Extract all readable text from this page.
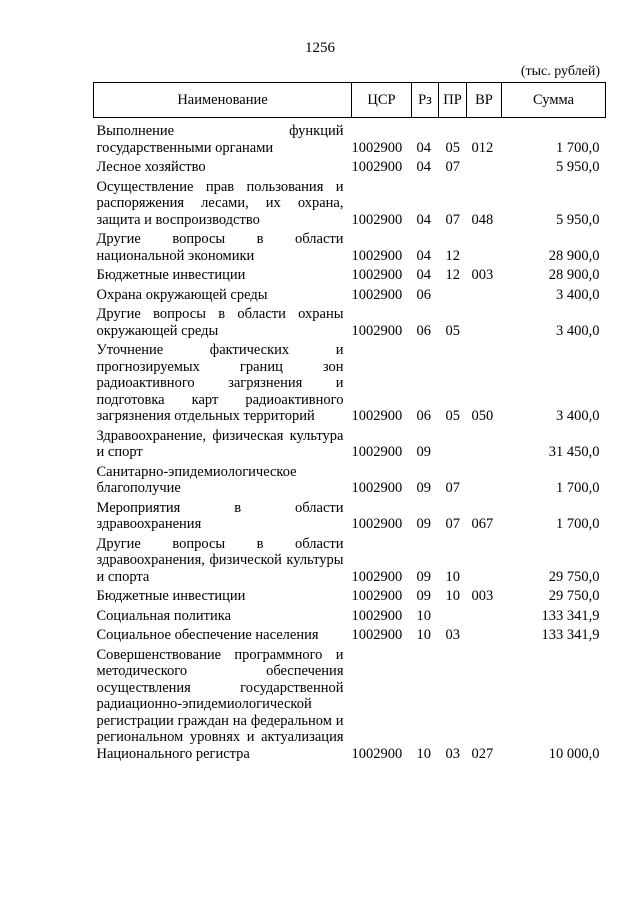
1256
(тыс. рублей)
Наименование	ЦСР	Рз	ПР	ВР	Сумма
Выполнение функций государственными органами	1002900	04	05	012	1 700,0
Лесное хозяйство	1002900	04	07		5 950,0
Осуществление прав пользования и распоряжения лесами, их охрана, защита и воспроизводство	1002900	04	07	048	5 950,0
Другие вопросы в области национальной экономики	1002900	04	12		28 900,0
Бюджетные инвестиции	1002900	04	12	003	28 900,0
Охрана окружающей среды	1002900	06			3 400,0
Другие вопросы в области охраны окружающей среды	1002900	06	05		3 400,0
Уточнение фактических и прогнозируемых границ зон радиоактивного загрязнения и подготовка карт радиоактивного загрязнения отдельных территорий	1002900	06	05	050	3 400,0
Здравоохранение, физическая культура и спорт	1002900	09			31 450,0
Санитарно-эпидемиологическое благополучие	1002900	09	07		1 700,0
Мероприятия в области здравоохранения	1002900	09	07	067	1 700,0
Другие вопросы в области здравоохранения, физической культуры и спорта	1002900	09	10		29 750,0
Бюджетные инвестиции	1002900	09	10	003	29 750,0
Социальная политика	1002900	10			133 341,9
Социальное обеспечение населения	1002900	10	03		133 341,9
Совершенствование программного и методического обеспечения осуществления государственной радиационно-эпидемиологической регистрации граждан на федеральном и региональном уровнях и актуализация Национального регистра	1002900	10	03	027	10 000,0
